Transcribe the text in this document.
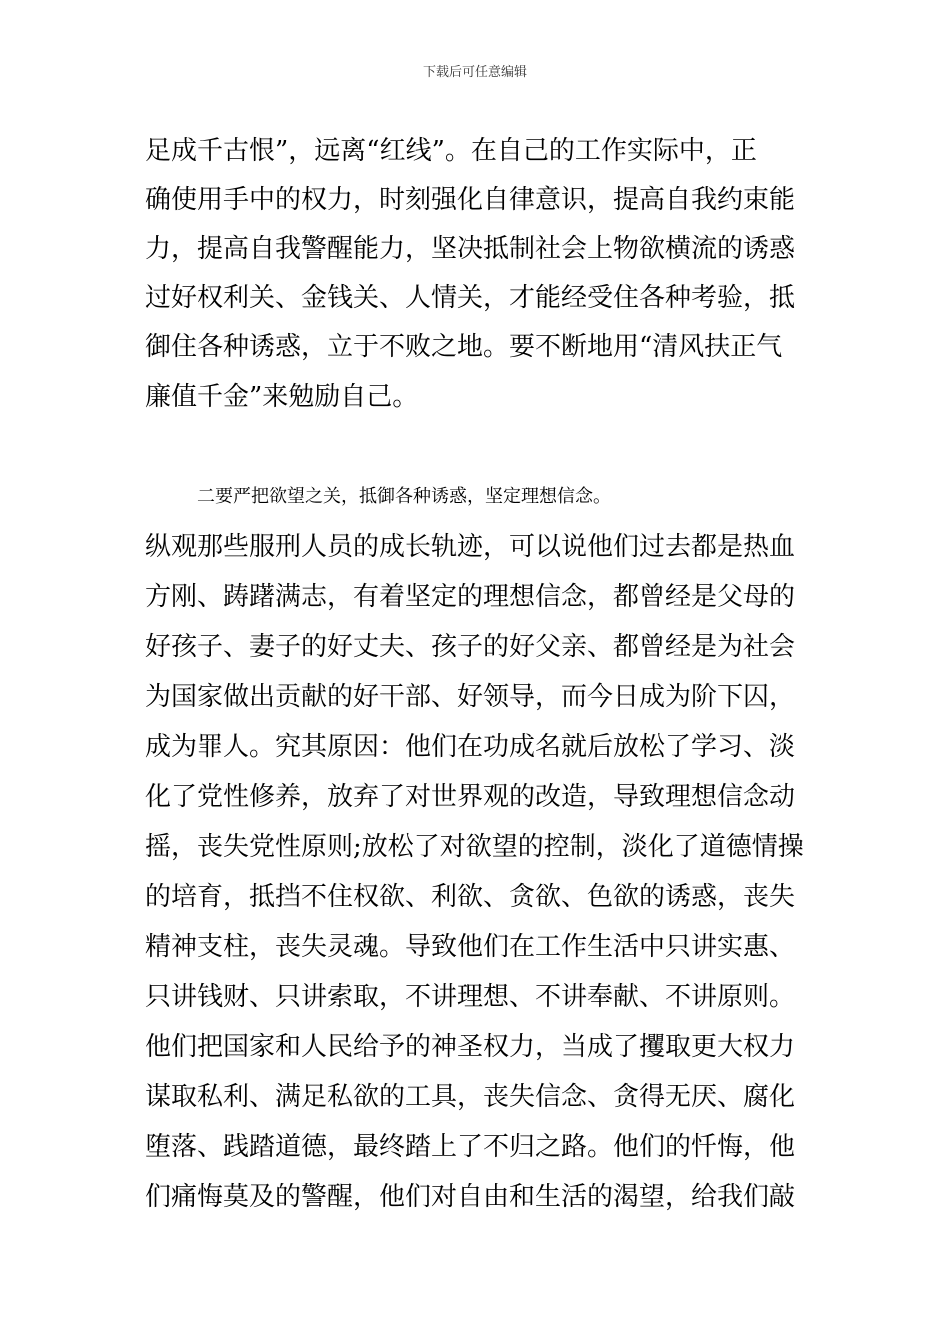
下载后可任意编辑
足成千古恨”，远离“红线”。在自己的工作实际中，正
确使用手中的权力，时刻强化自律意识，提高自我约束能
力，提高自我警醒能力，坚决抵制社会上物欲横流的诱惑
过好权利关、金钱关、人情关，才能经受住各种考验，抵
御住各种诱惑，立于不败之地。要不断地用“清风扶正气
廉值千金”来勉励自己。
二要严把欲望之关，抵御各种诱惑，坚定理想信念。
纵观那些服刑人员的成长轨迹，可以说他们过去都是热血
方刚、踌躇满志，有着坚定的理想信念，都曾经是父母的
好孩子、妻子的好丈夫、孩子的好父亲、都曾经是为社会
为国家做出贡献的好干部、好领导，而今日成为阶下囚，
成为罪人。究其原因：他们在功成名就后放松了学习、淡
化了党性修养，放弃了对世界观的改造，导致理想信念动
摇，丧失党性原则;放松了对欲望的控制，淡化了道德情操
的培育，抵挡不住权欲、利欲、贪欲、色欲的诱惑，丧失
精神支柱，丧失灵魂。导致他们在工作生活中只讲实惠、
只讲钱财、只讲索取，不讲理想、不讲奉献、不讲原则。
他们把国家和人民给予的神圣权力，当成了攫取更大权力
谋取私利、满足私欲的工具，丧失信念、贪得无厌、腐化
堕落、践踏道德，最终踏上了不归之路。他们的忏悔，他
们痛悔莫及的警醒，他们对自由和生活的渴望，给我们敲
